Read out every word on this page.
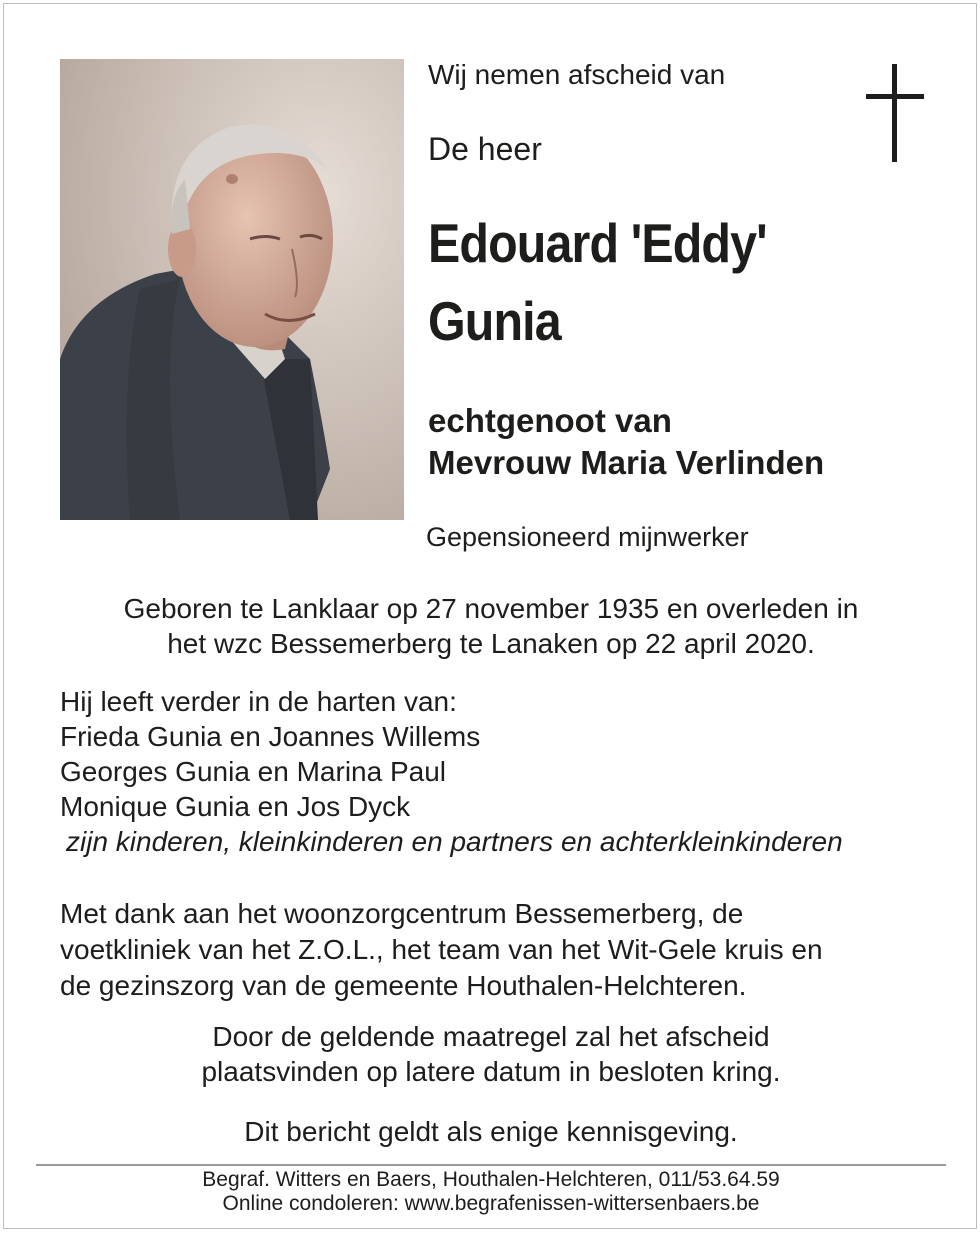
Wij nemen afscheid van
De heer
Edouard 'Eddy'
Gunia
echtgenoot van
Mevrouw Maria Verlinden
Gepensioneerd mijnwerker
Geboren te Lanklaar op 27 november 1935 en overleden in
het wzc Bessemerberg te Lanaken op 22 april 2020.
Hij leeft verder in de harten van:
Frieda Gunia en Joannes Willems
Georges Gunia en Marina Paul
Monique Gunia en Jos Dyck
zijn kinderen, kleinkinderen en partners en achterkleinkinderen
Met dank aan het woonzorgcentrum Bessemerberg, de
voetkliniek van het Z.O.L., het team van het Wit-Gele kruis en
de gezinszorg van de gemeente Houthalen-Helchteren.
Door de geldende maatregel zal het afscheid
plaatsvinden op latere datum in besloten kring.
Dit bericht geldt als enige kennisgeving.
Begraf. Witters en Baers, Houthalen-Helchteren, 011/53.64.59
Online condoleren: www.begrafenissen-wittersenbaers.be
